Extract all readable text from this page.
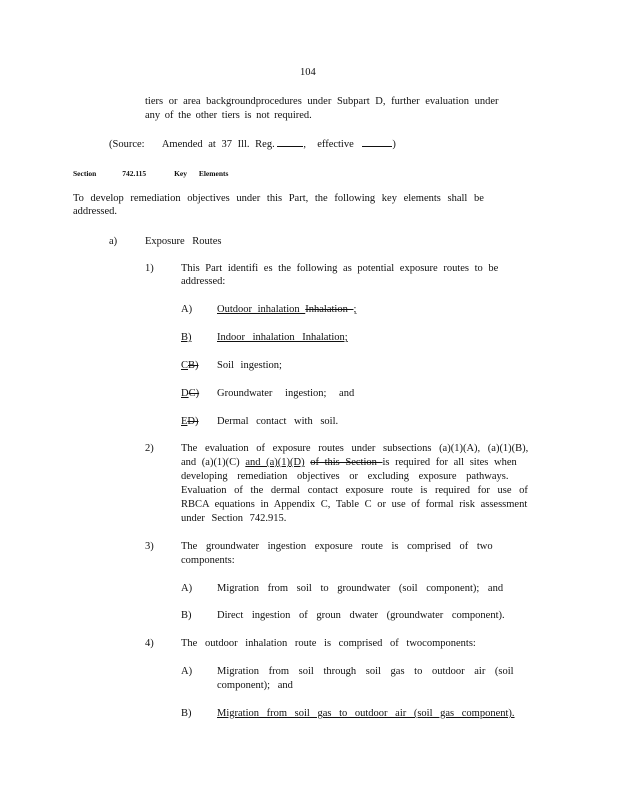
104
tiers or area backgroundprocedures under Subpart D, further evaluation under
any of the other tiers is not required.
(Source: Amended at 37 Ill. Reg.	, effective	)
Section	742.115	Key Elements
To develop remediation objectives under this Part, the following key elements shall be
addressed.
a)	Exposure Routes
1)	This Part identifi es the following as potential exposure routes to be
addressed:
A) Outdoor inhalation Inhalation ;
B) Indoor inhalation Inhalation;
CB) Soil ingestion;
DC) Groundwater ingestion; and
ED) Dermal contact with soil.
2)	The evaluation of exposure routes under subsections (a)(1)(A), (a)(1)(B),
and (a)(1)(C) and (a)(1)(D) of this Section is required for all sites when
developing remediation objectives or excluding exposure pathways.
Evaluation of the dermal contact exposure route is required for use of
RBCA equations in Appendix C, Table C or use of formal risk assessment
under Section 742.915.
3)	The groundwater ingestion exposure route is comprised of two
components:
A) Migration from soil to groundwater (soil component); and
B) Direct ingestion of groun dwater (groundwater component).
4)	The outdoor inhalation route is comprised of twocomponents:
A) Migration from soil through soil gas to outdoor air (soil
component); and
B) Migration from soil gas to outdoor air (soil gas component).
